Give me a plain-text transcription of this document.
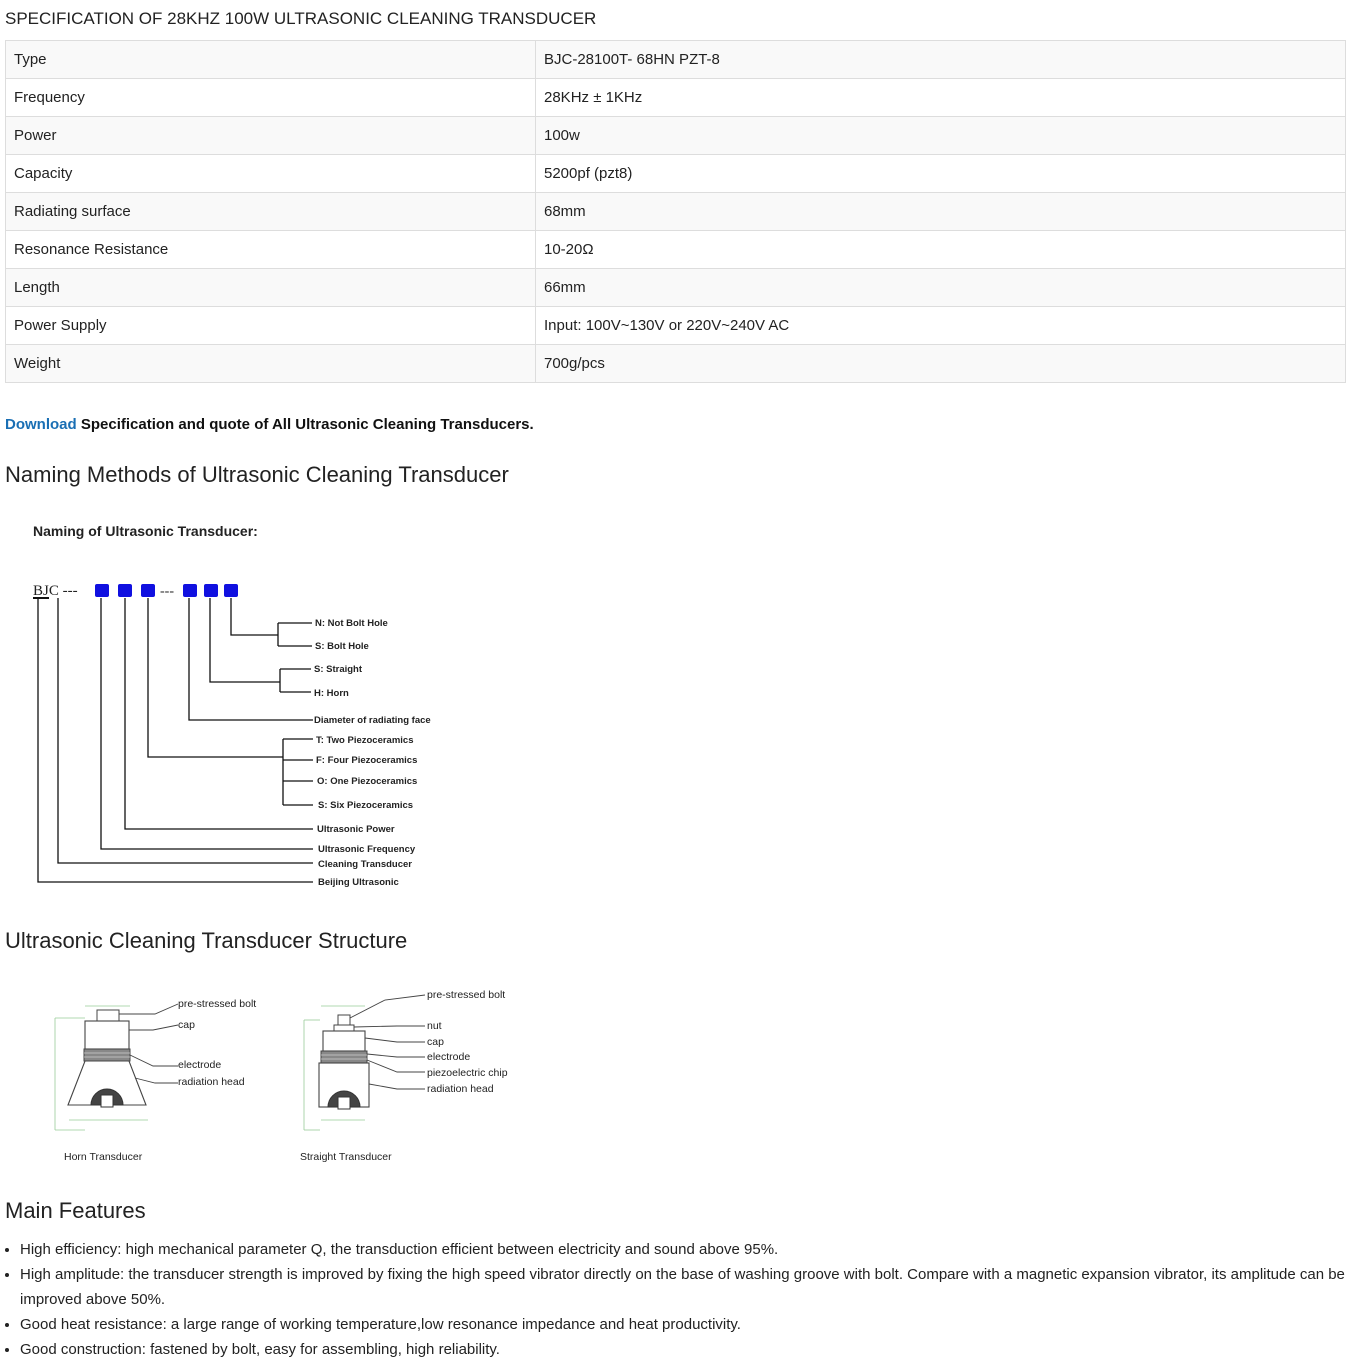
SPECIFICATION OF 28KHZ 100W ULTRASONIC CLEANING TRANSDUCER
Type	BJC-28100T- 68HN PZT-8
Frequency	28KHz ± 1KHz
Power	100w
Capacity	5200pf (pzt8)
Radiating surface	68mm
Resonance Resistance	10-20Ω
Length	66mm
Power Supply	Input: 100V~130V or 220V~240V AC
Weight	700g/pcs
Download Specification and quote of All Ultrasonic Cleaning Transducers.
Naming Methods of Ultrasonic Cleaning Transducer
Naming of Ultrasonic Transducer:
BJC ---	---
N: Not Bolt Hole
S: Bolt Hole
S: Straight
H: Horn
Diameter of radiating face
T: Two Piezoceramics
F: Four Piezoceramics
O: One Piezoceramics
S: Six Piezoceramics
Ultrasonic Power
Ultrasonic Frequency
Cleaning Transducer
Beijing Ultrasonic
Ultrasonic Cleaning Transducer Structure
pre-stressed bolt
cap
electrode
radiation head
Horn Transducer
pre-stressed bolt
nut
cap
electrode
piezoelectric chip
radiation head
Straight Transducer
Main Features
• High efficiency: high mechanical parameter Q, the transduction efficient between electricity and sound above 95%.
• High amplitude: the transducer strength is improved by fixing the high speed vibrator directly on the base of washing groove with bolt. Compare with a magnetic expansion vibrator, its amplitude can be improved above 50%.
• Good heat resistance: a large range of working temperature,low resonance impedance and heat productivity.
• Good construction: fastened by bolt, easy for assembling, high reliability.
